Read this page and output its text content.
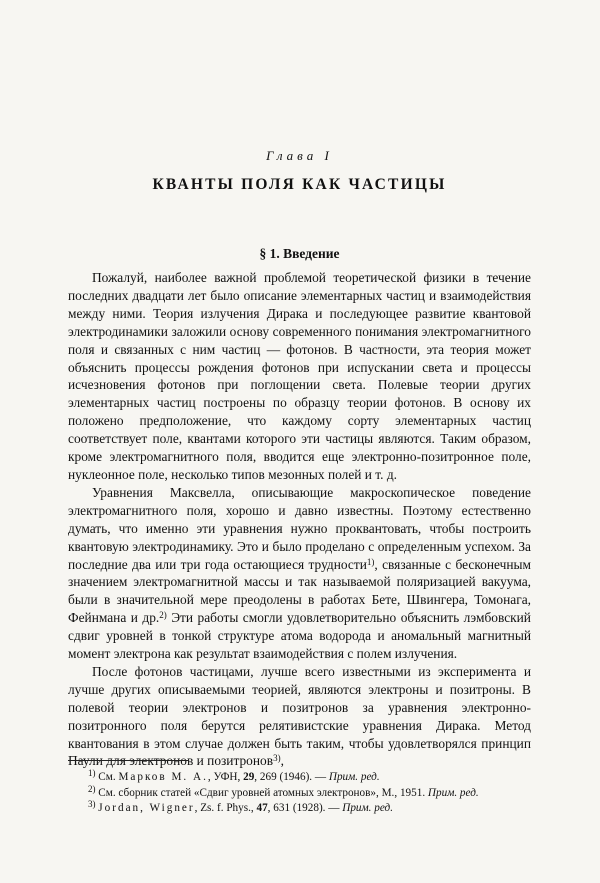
Глава I
КВАНТЫ ПОЛЯ КАК ЧАСТИЦЫ
§ 1. Введение

Пожалуй, наиболее важной проблемой теоретической физики в течение последних двадцати лет было описание элементарных частиц и взаимодействия между ними. Теория излучения Дирака и последующее развитие квантовой электродинамики заложили основу современного понимания электромагнитного поля и связанных с ним частиц — фотонов. В частности, эта теория может объяснить процессы рождения фотонов при испускании света и процессы исчезновения фотонов при поглощении света. Полевые теории других элементарных частиц построены по образцу теории фотонов. В основу их положено предположение, что каждому сорту элементарных частиц соответствует поле, квантами которого эти частицы являются. Таким образом, кроме электромагнитного поля, вводится еще электронно-позитронное поле, нуклеонное поле, несколько типов мезонных полей и т. д.

Уравнения Максвелла, описывающие макроскопическое поведение электромагнитного поля, хорошо и давно известны. Поэтому естественно думать, что именно эти уравнения нужно проквантовать, чтобы построить квантовую электродинамику. Это и было проделано с определенным успехом. За последние два или три года остающиеся трудности$^{1)}$, связанные с бесконечным значением электромагнитной массы и так называемой поляризацией вакуума, были в значительной мере преодолены в работах Бете, Швингера, Томонага, Фейнмана и др.$^{2)}$ Эти работы смогли удовлетворительно объяснить лэмбовский сдвиг уровней в тонкой структуре атома водорода и аномальный магнитный момент электрона как результат взаимодействия с полем излучения.

После фотонов частицами, лучше всего известными из эксперимента и лучше других описываемыми теорией, являются электроны и позитроны. В полевой теории электронов и позитронов за уравнения электронно-позитронного поля берутся релятивистские уравнения Дирака. Метод квантования в этом случае должен быть таким, чтобы удовлетворялся принцип Паули для электронов и позитронов$^{3)}$,

$^{1)}$ См. Марков М. А., УФН, 29, 269 (1946). — Прим. ред.

$^{2)}$ См. сборник статей «Сдвиг уровней атомных электронов», М., 1951. Прим. ред.

$^{3)}$ Jordan, Wigner, Zs. f. Phys., 47, 631 (1928). — Прим. ред.
